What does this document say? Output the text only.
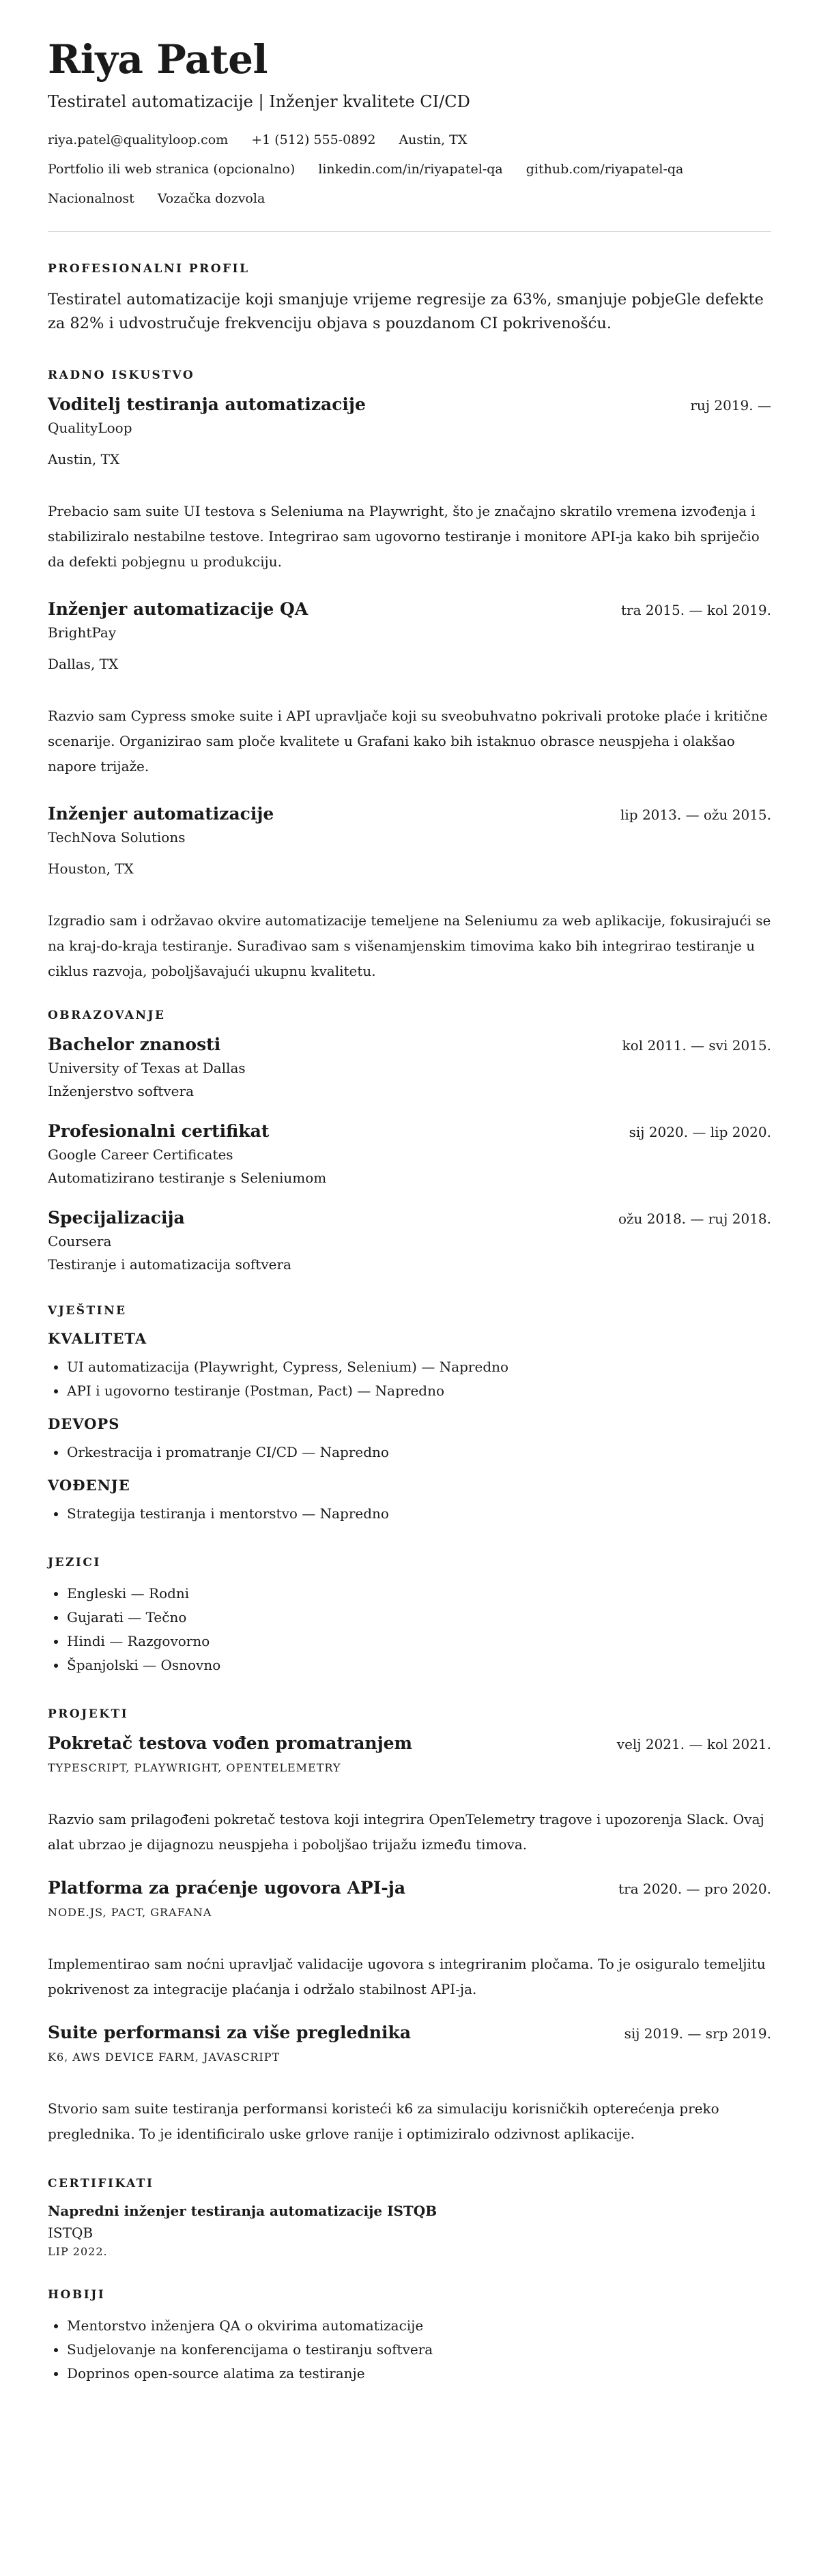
Riya Patel
Testiratel automatizacije | Inženjer kvalitete CI/CD
riya.patel@qualityloop.com +1 (512) 555-0892 Austin, TX
Portfolio ili web stranica (opcionalno) linkedin.com/in/riyapatel-qa github.com/riyapatel-qa
Nacionalnost Vozačka dozvola
PROFESIONALNI PROFIL
Testiratel automatizacije koji smanjuje vrijeme regresije za 63%, smanjuje pobjeGle defekte za 82% i udvostručuje frekvenciju objava s pouzdanom CI pokrivenošću.
RADNO ISKUSTVO
Voditelj testiranja automatizacije	ruj 2019. —
QualityLoop
Austin, TX
Prebacio sam suite UI testova s Seleniuma na Playwright, što je značajno skratilo vremena izvođenja i stabiliziralo nestabilne testove. Integrirao sam ugovorno testiranje i monitore API-ja kako bih spriječio da defekti pobjegnu u produkciju.
Inženjer automatizacije QA	tra 2015. — kol 2019.
BrightPay
Dallas, TX
Razvio sam Cypress smoke suite i API upravljače koji su sveobuhvatno pokrivali protoke plaće i kritične scenarije. Organizirao sam ploče kvalitete u Grafani kako bih istaknuo obrasce neuspjeha i olakšao napore trijaže.
Inženjer automatizacije	lip 2013. — ožu 2015.
TechNova Solutions
Houston, TX
Izgradio sam i održavao okvire automatizacije temeljene na Seleniumu za web aplikacije, fokusirajući se na kraj-do-kraja testiranje. Surađivao sam s višenamjenskim timovima kako bih integrirao testiranje u ciklus razvoja, poboljšavajući ukupnu kvalitetu.
OBRAZOVANJE
Bachelor znanosti	kol 2011. — svi 2015.
University of Texas at Dallas
Inženjerstvo softvera
Profesionalni certifikat	sij 2020. — lip 2020.
Google Career Certificates
Automatizirano testiranje s Seleniumom
Specijalizacija	ožu 2018. — ruj 2018.
Coursera
Testiranje i automatizacija softvera
VJEŠTINE
KVALITETA
• UI automatizacija (Playwright, Cypress, Selenium) — Napredno
• API i ugovorno testiranje (Postman, Pact) — Napredno
DEVOPS
• Orkestracija i promatranje CI/CD — Napredno
VOĐENJE
• Strategija testiranja i mentorstvo — Napredno
JEZICI
• Engleski — Rodni
• Gujarati — Tečno
• Hindi — Razgovorno
• Španjolski — Osnovno
PROJEKTI
Pokretač testova vođen promatranjem	velj 2021. — kol 2021.
TYPESCRIPT, PLAYWRIGHT, OPENTELEMETRY
Razvio sam prilagođeni pokretač testova koji integrira OpenTelemetry tragove i upozorenja Slack. Ovaj alat ubrzao je dijagnozu neuspjeha i poboljšao trijažu između timova.
Platforma za praćenje ugovora API-ja	tra 2020. — pro 2020.
NODE.JS, PACT, GRAFANA
Implementirao sam noćni upravljač validacije ugovora s integriranim pločama. To je osiguralo temeljitu pokrivenost za integracije plaćanja i održalo stabilnost API-ja.
Suite performansi za više preglednika	sij 2019. — srp 2019.
K6, AWS DEVICE FARM, JAVASCRIPT
Stvorio sam suite testiranja performansi koristeći k6 za simulaciju korisničkih opterećenja preko preglednika. To je identificiralo uske grlove ranije i optimiziralo odzivnost aplikacije.
CERTIFIKATI
Napredni inženjer testiranja automatizacije ISTQB
ISTQB
LIP 2022.
HOBIJI
• Mentorstvo inženjera QA o okvirima automatizacije
• Sudjelovanje na konferencijama o testiranju softvera
• Doprinos open-source alatima za testiranje
